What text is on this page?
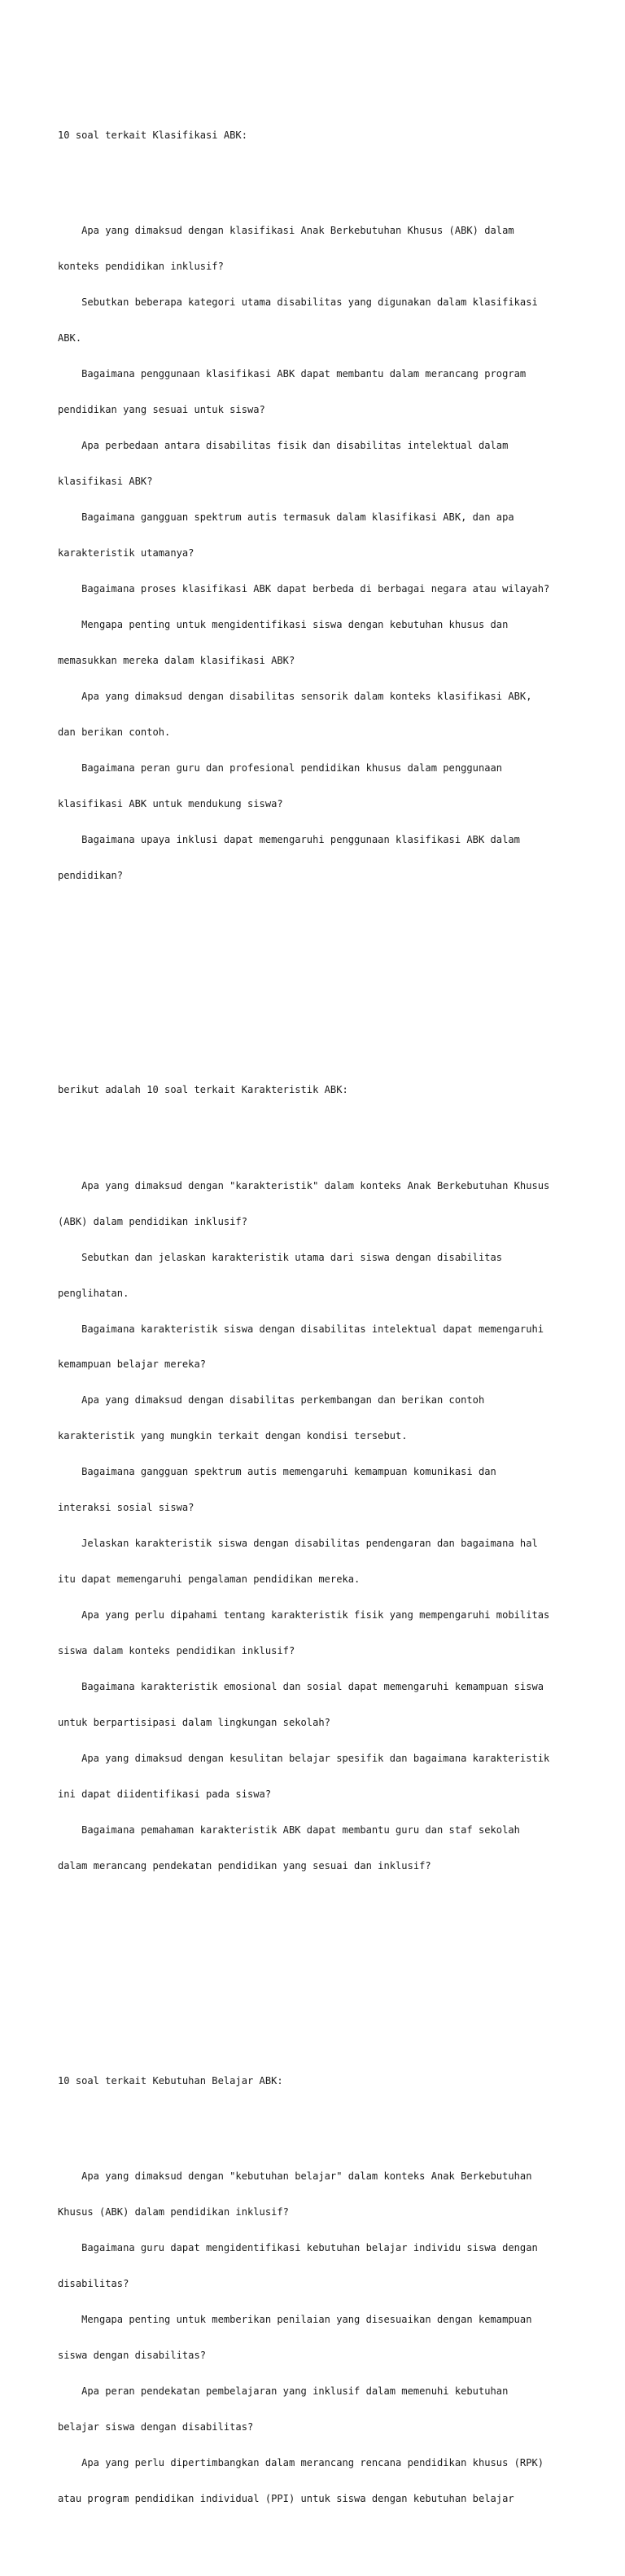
10 soal terkait Klasifikasi ABK:

Apa yang dimaksud dengan klasifikasi Anak Berkebutuhan Khusus (ABK) dalam

konteks pendidikan inklusif?

Sebutkan beberapa kategori utama disabilitas yang digunakan dalam klasifikasi

ABK.

Bagaimana penggunaan klasifikasi ABK dapat membantu dalam merancang program

pendidikan yang sesuai untuk siswa?

Apa perbedaan antara disabilitas fisik dan disabilitas intelektual dalam

klasifikasi ABK?

Bagaimana gangguan spektrum autis termasuk dalam klasifikasi ABK, dan apa

karakteristik utamanya?

Bagaimana proses klasifikasi ABK dapat berbeda di berbagai negara atau wilayah?

Mengapa penting untuk mengidentifikasi siswa dengan kebutuhan khusus dan

memasukkan mereka dalam klasifikasi ABK?

Apa yang dimaksud dengan disabilitas sensorik dalam konteks klasifikasi ABK,

dan berikan contoh.

Bagaimana peran guru dan profesional pendidikan khusus dalam penggunaan

klasifikasi ABK untuk mendukung siswa?

Bagaimana upaya inklusi dapat memengaruhi penggunaan klasifikasi ABK dalam

pendidikan?

berikut adalah 10 soal terkait Karakteristik ABK:

Apa yang dimaksud dengan "karakteristik" dalam konteks Anak Berkebutuhan Khusus

(ABK) dalam pendidikan inklusif?

Sebutkan dan jelaskan karakteristik utama dari siswa dengan disabilitas

penglihatan.

Bagaimana karakteristik siswa dengan disabilitas intelektual dapat memengaruhi

kemampuan belajar mereka?

Apa yang dimaksud dengan disabilitas perkembangan dan berikan contoh

karakteristik yang mungkin terkait dengan kondisi tersebut.

Bagaimana gangguan spektrum autis memengaruhi kemampuan komunikasi dan

interaksi sosial siswa?

Jelaskan karakteristik siswa dengan disabilitas pendengaran dan bagaimana hal

itu dapat memengaruhi pengalaman pendidikan mereka.

Apa yang perlu dipahami tentang karakteristik fisik yang mempengaruhi mobilitas

siswa dalam konteks pendidikan inklusif?

Bagaimana karakteristik emosional dan sosial dapat memengaruhi kemampuan siswa

untuk berpartisipasi dalam lingkungan sekolah?

Apa yang dimaksud dengan kesulitan belajar spesifik dan bagaimana karakteristik

ini dapat diidentifikasi pada siswa?

Bagaimana pemahaman karakteristik ABK dapat membantu guru dan staf sekolah

dalam merancang pendekatan pendidikan yang sesuai dan inklusif?

10 soal terkait Kebutuhan Belajar ABK:

Apa yang dimaksud dengan "kebutuhan belajar" dalam konteks Anak Berkebutuhan

Khusus (ABK) dalam pendidikan inklusif?

Bagaimana guru dapat mengidentifikasi kebutuhan belajar individu siswa dengan

disabilitas?

Mengapa penting untuk memberikan penilaian yang disesuaikan dengan kemampuan

siswa dengan disabilitas?

Apa peran pendekatan pembelajaran yang inklusif dalam memenuhi kebutuhan

belajar siswa dengan disabilitas?

Apa yang perlu dipertimbangkan dalam merancang rencana pendidikan khusus (RPK)

atau program pendidikan individual (PPI) untuk siswa dengan kebutuhan belajar
